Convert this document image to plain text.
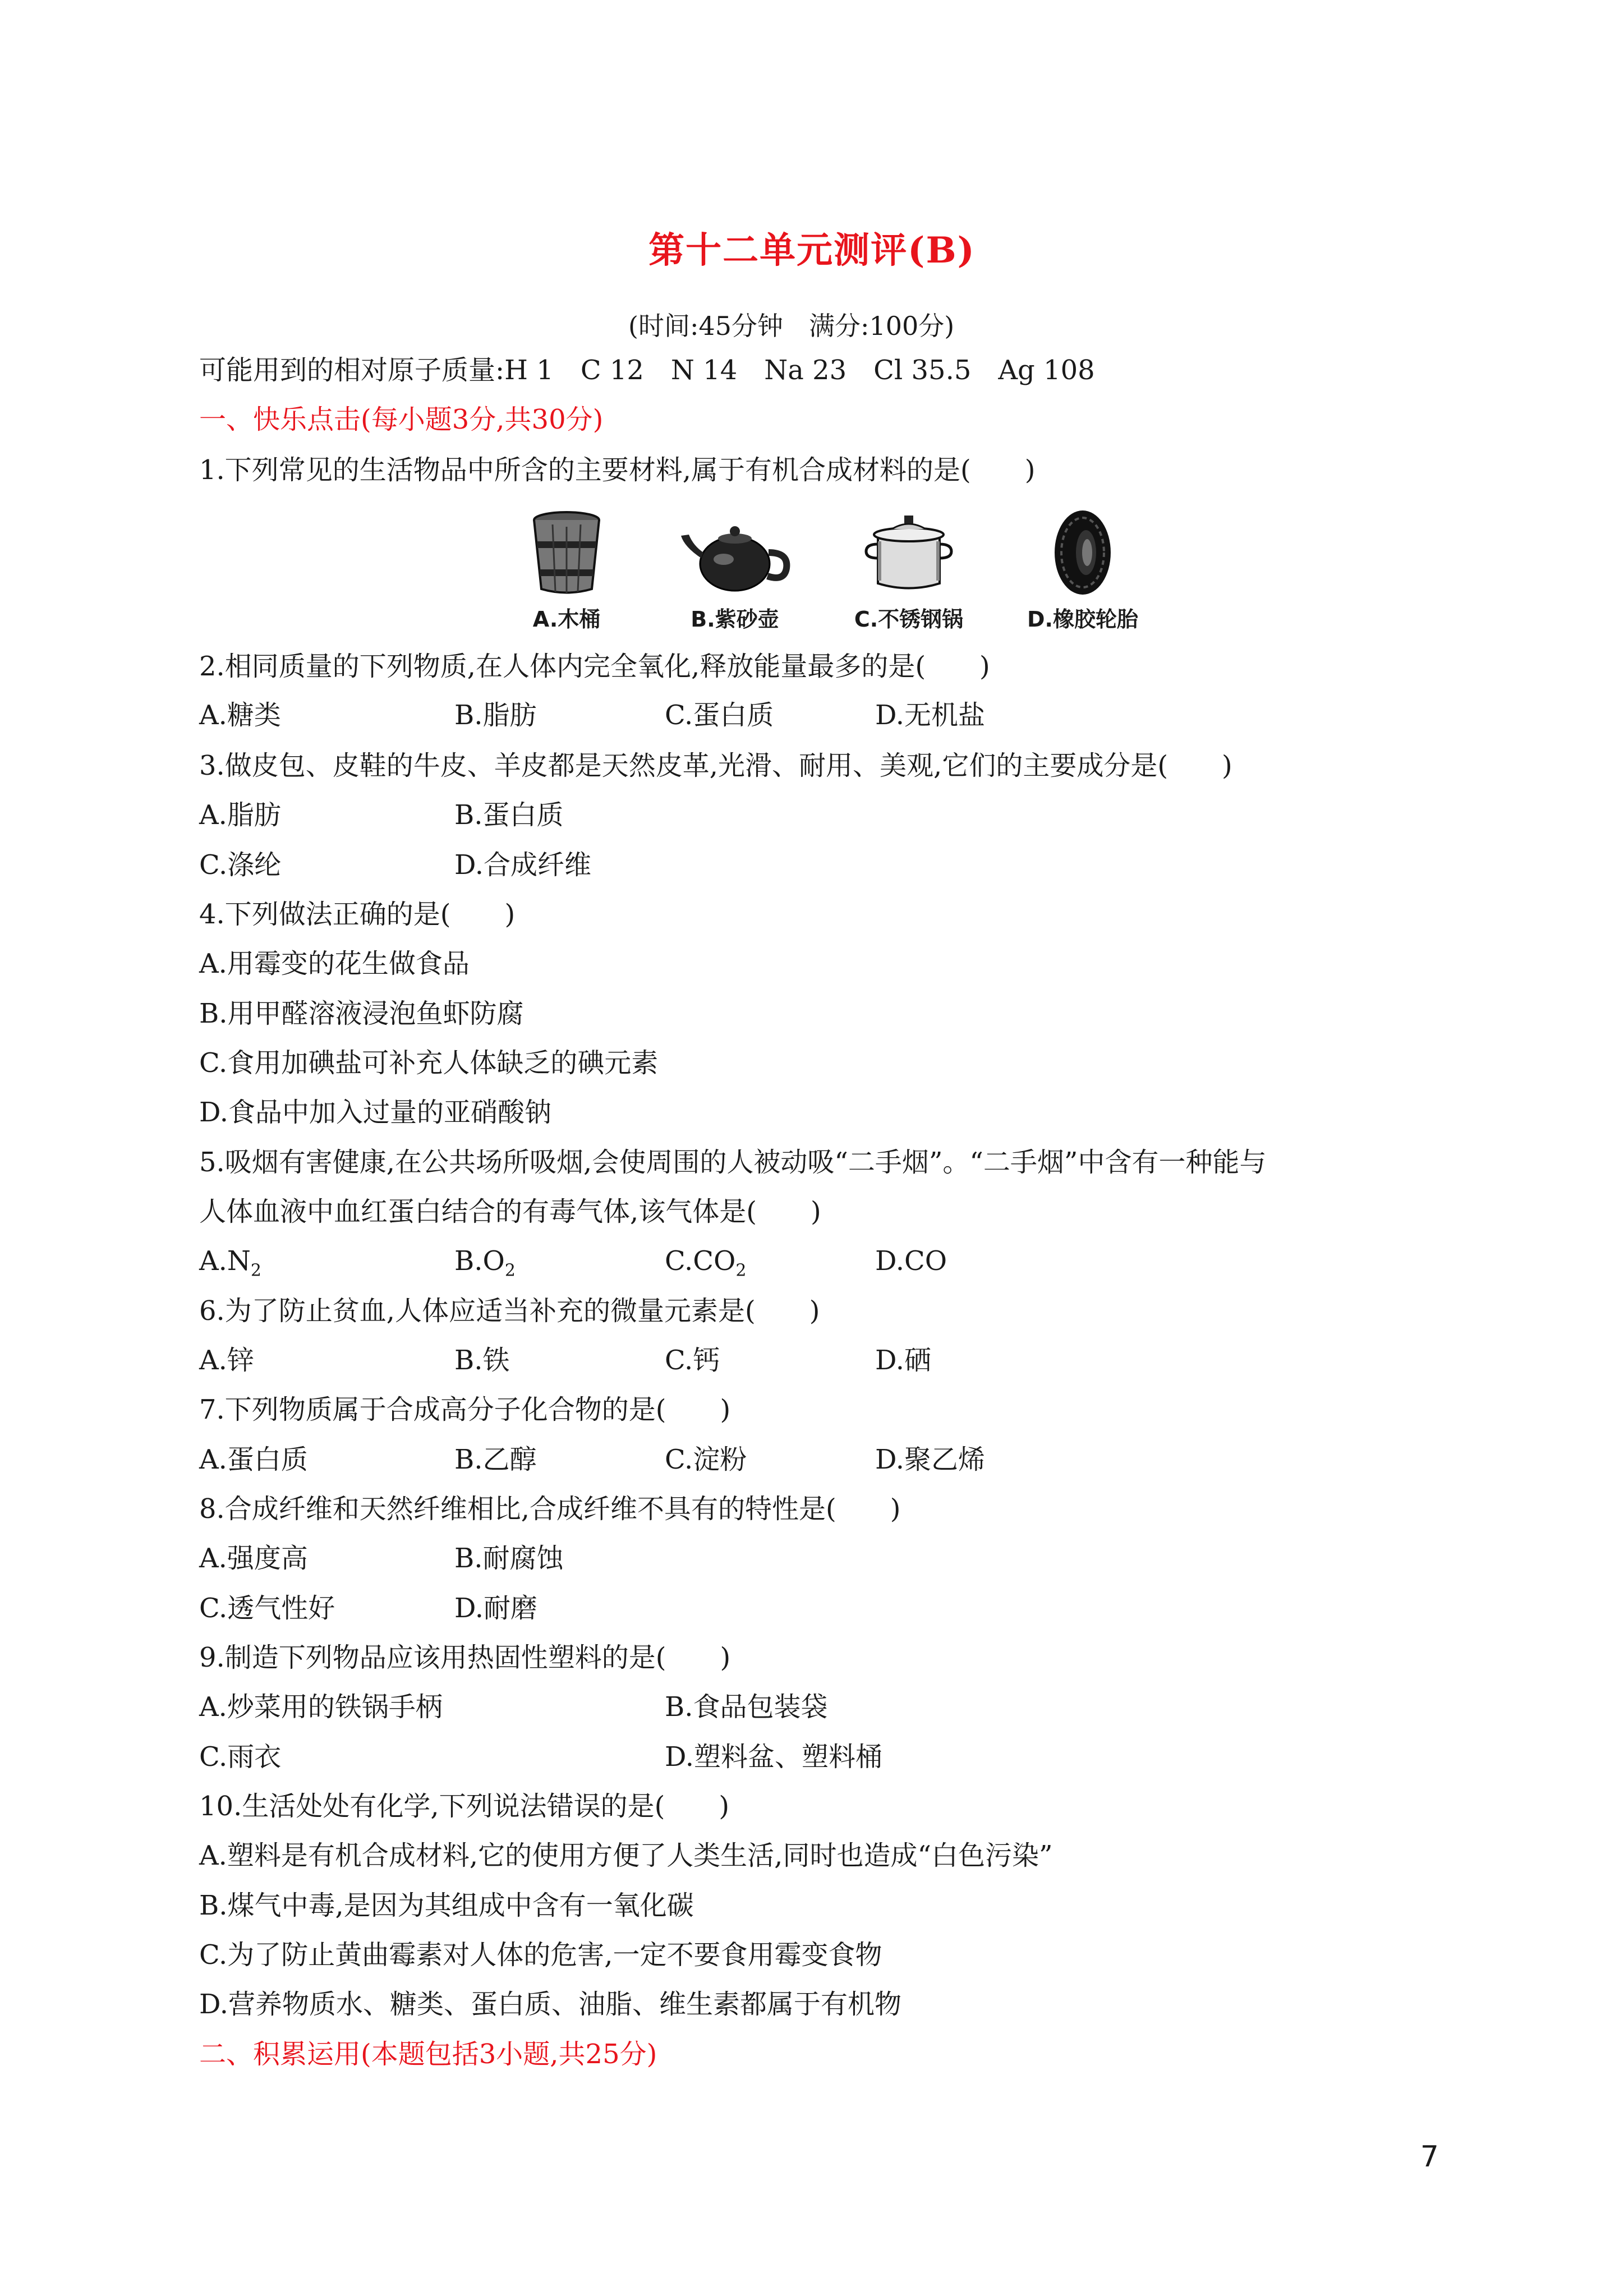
第十二单元测评(B)
(时间:45分钟　满分:100分)
可能用到的相对原子质量:H 1　C 12　N 14　Na 23　Cl 35.5　Ag 108
一、快乐点击(每小题3分,共30分)
1.下列常见的生活物品中所含的主要材料,属于有机合成材料的是(　　)
A.木桶	B.紫砂壶	C.不锈钢锅	D.橡胶轮胎
2.相同质量的下列物质,在人体内完全氧化,释放能量最多的是(　　)
A.糖类	B.脂肪	C.蛋白质	D.无机盐
3.做皮包、皮鞋的牛皮、羊皮都是天然皮革,光滑、耐用、美观,它们的主要成分是(　　)
A.脂肪	B.蛋白质
C.涤纶	D.合成纤维
4.下列做法正确的是(　　)
A.用霉变的花生做食品
B.用甲醛溶液浸泡鱼虾防腐
C.食用加碘盐可补充人体缺乏的碘元素
D.食品中加入过量的亚硝酸钠
5.吸烟有害健康,在公共场所吸烟,会使周围的人被动吸“二手烟”。“二手烟”中含有一种能与
人体血液中血红蛋白结合的有毒气体,该气体是(　　)
$A.N_2$	$B.O_2$	$C.CO_2$	D.CO
6.为了防止贫血,人体应适当补充的微量元素是(　　)
A.锌	B.铁	C.钙	D.硒
7.下列物质属于合成高分子化合物的是(　　)
A.蛋白质	B.乙醇	C.淀粉	D.聚乙烯
8.合成纤维和天然纤维相比,合成纤维不具有的特性是(　　)
A.强度高	B.耐腐蚀
C.透气性好	D.耐磨
9.制造下列物品应该用热固性塑料的是(　　)
A.炒菜用的铁锅手柄	B.食品包装袋
C.雨衣	D.塑料盆、塑料桶
10.生活处处有化学,下列说法错误的是(　　)
A.塑料是有机合成材料,它的使用方便了人类生活,同时也造成“白色污染”
B.煤气中毒,是因为其组成中含有一氧化碳
C.为了防止黄曲霉素对人体的危害,一定不要食用霉变食物
D.营养物质水、糖类、蛋白质、油脂、维生素都属于有机物
二、积累运用(本题包括3小题,共25分)
7
